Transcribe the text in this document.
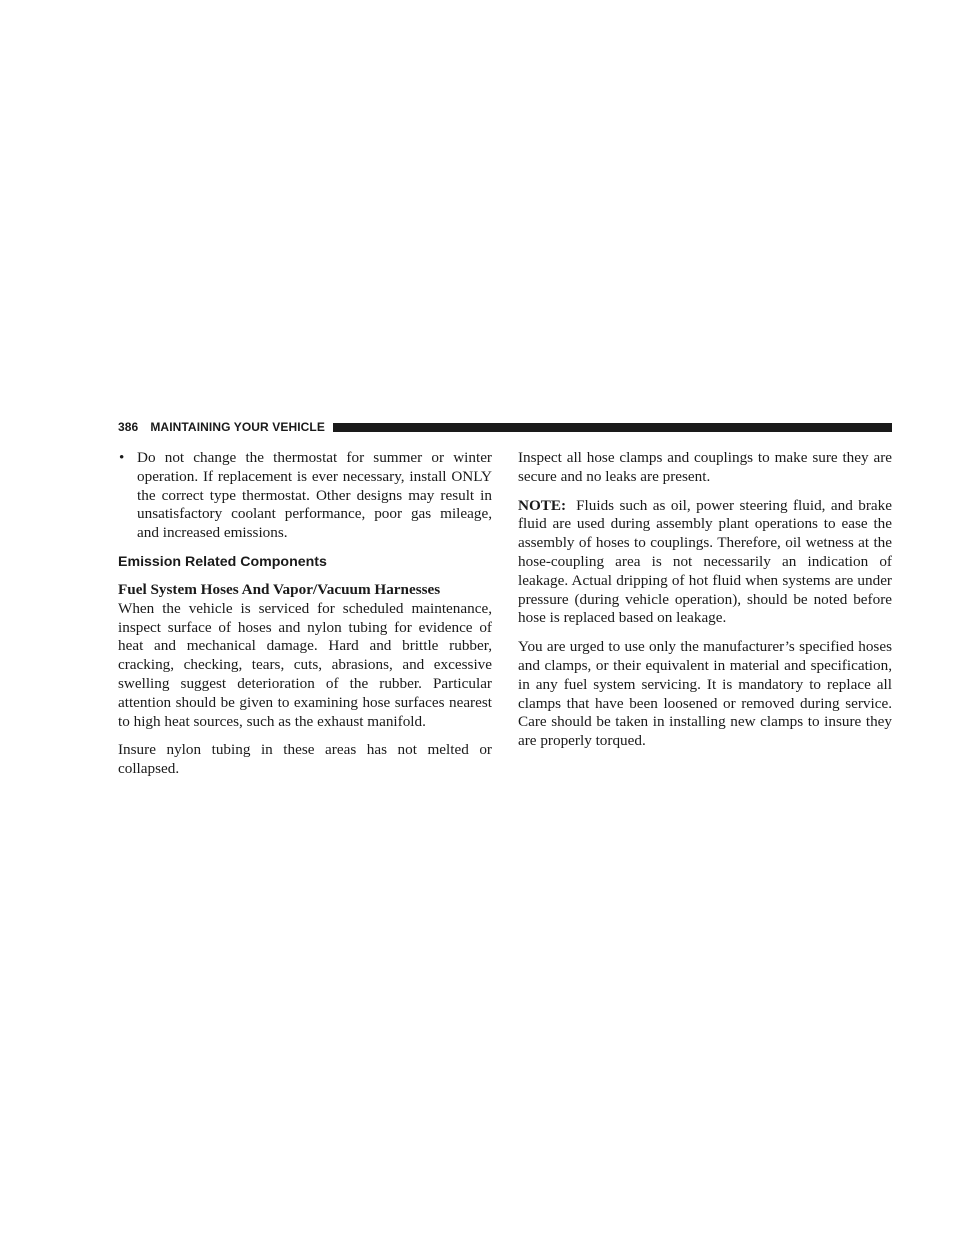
386 MAINTAINING YOUR VEHICLE
• Do not change the thermostat for summer or winter operation. If replacement is ever necessary, install ONLY the correct type thermostat. Other designs may result in unsatisfactory coolant performance, poor gas mileage, and increased emissions.
Emission Related Components
Fuel System Hoses And Vapor/Vacuum Harnesses

When the vehicle is serviced for scheduled maintenance, inspect surface of hoses and nylon tubing for evidence of heat and mechanical damage. Hard and brittle rubber, cracking, checking, tears, cuts, abrasions, and excessive swelling suggest deterioration of the rubber. Particular attention should be given to examining hose surfaces nearest to high heat sources, such as the exhaust manifold.

Insure nylon tubing in these areas has not melted or collapsed.

Inspect all hose clamps and couplings to make sure they are secure and no leaks are present.

NOTE: Fluids such as oil, power steering fluid, and brake fluid are used during assembly plant operations to ease the assembly of hoses to couplings. Therefore, oil wetness at the hose-coupling area is not necessarily an indication of leakage. Actual dripping of hot fluid when systems are under pressure (during vehicle operation), should be noted before hose is replaced based on leakage.

You are urged to use only the manufacturer’s specified hoses and clamps, or their equivalent in material and specification, in any fuel system servicing. It is mandatory to replace all clamps that have been loosened or removed during service. Care should be taken in installing new clamps to insure they are properly torqued.
